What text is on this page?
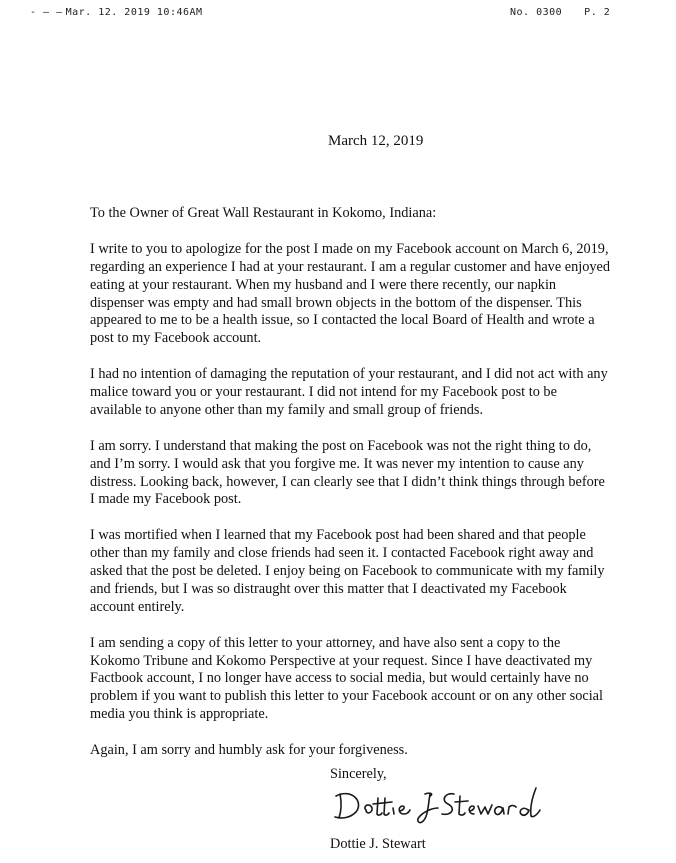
- — — Mar. 12. 2019 10:46AM	No. 0300 P. 2
March 12, 2019

To the Owner of Great Wall Restaurant in Kokomo, Indiana:

I write to you to apologize for the post I made on my Facebook account on March 6, 2019, regarding an experience I had at your restaurant. I am a regular customer and have enjoyed eating at your restaurant. When my husband and I were there recently, our napkin dispenser was empty and had small brown objects in the bottom of the dispenser. This appeared to me to be a health issue, so I contacted the local Board of Health and wrote a post to my Facebook account.

I had no intention of damaging the reputation of your restaurant, and I did not act with any malice toward you or your restaurant. I did not intend for my Facebook post to be available to anyone other than my family and small group of friends.

I am sorry. I understand that making the post on Facebook was not the right thing to do, and I’m sorry. I would ask that you forgive me. It was never my intention to cause any distress. Looking back, however, I can clearly see that I didn’t think things through before I made my Facebook post.

I was mortified when I learned that my Facebook post had been shared and that people other than my family and close friends had seen it. I contacted Facebook right away and asked that the post be deleted. I enjoy being on Facebook to communicate with my family and friends, but I was so distraught over this matter that I deactivated my Facebook account entirely.

I am sending a copy of this letter to your attorney, and have also sent a copy to the Kokomo Tribune and Kokomo Perspective at your request. Since I have deactivated my Factbook account, I no longer have access to social media, but would certainly have no problem if you want to publish this letter to your Facebook account or on any other social media you think is appropriate.

Again, I am sorry and humbly ask for your forgiveness.

Sincerely,
Dottie J. Stewart
